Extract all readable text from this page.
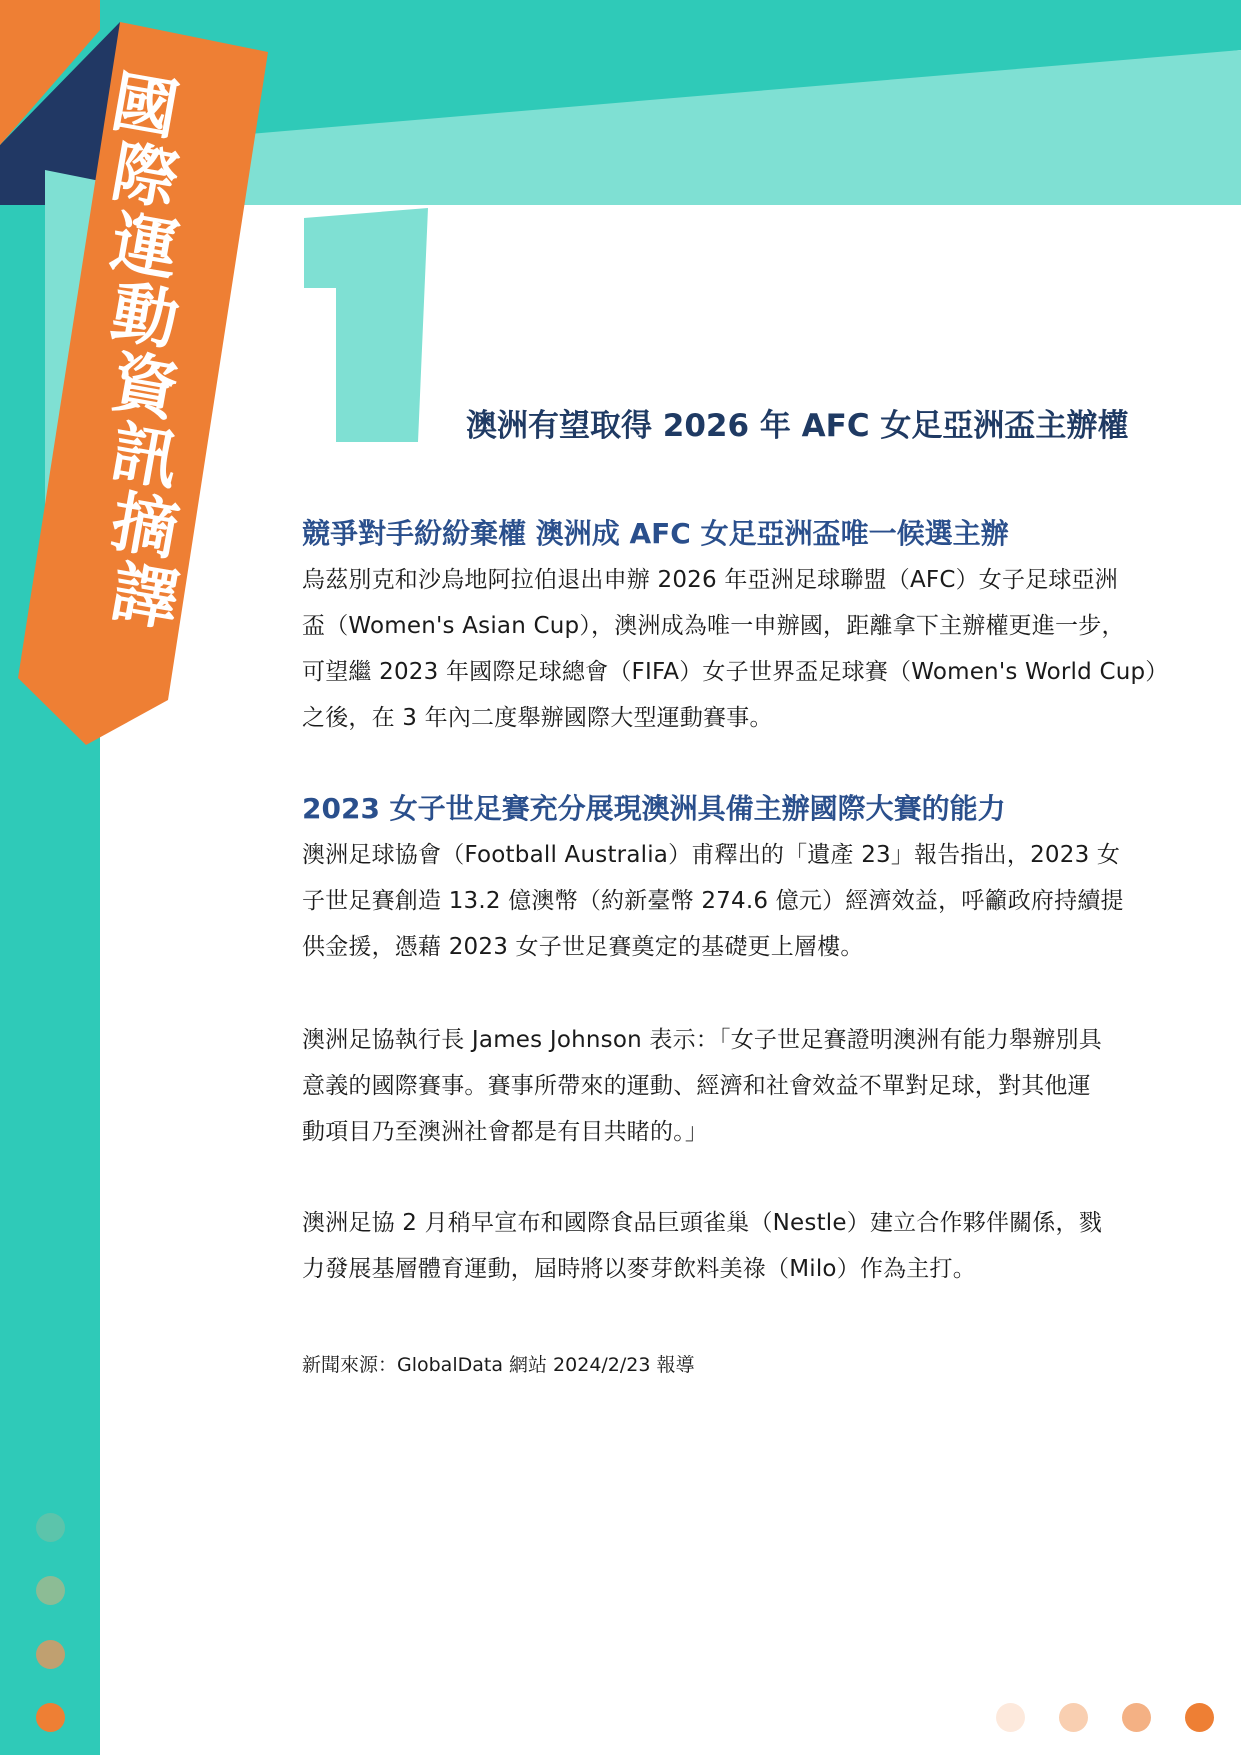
國
際
運
動
資
訊
摘
譯
澳洲有望取得 2026 年 AFC 女足亞洲盃主辦權
競爭對手紛紛棄權 澳洲成 AFC 女足亞洲盃唯一候選主辦
烏茲別克和沙烏地阿拉伯退出申辦 2026 年亞洲足球聯盟（AFC）女子足球亞洲
盃（Women's Asian Cup），澳洲成為唯一申辦國，距離拿下主辦權更進一步，
可望繼 2023 年國際足球總會（FIFA）女子世界盃足球賽（Women's World Cup）
之後，在 3 年內二度舉辦國際大型運動賽事。
2023 女子世足賽充分展現澳洲具備主辦國際大賽的能力
澳洲足球協會（Football Australia）甫釋出的「遺產 23」報告指出，2023 女
子世足賽創造 13.2 億澳幣（約新臺幣 274.6 億元）經濟效益，呼籲政府持續提
供金援，憑藉 2023 女子世足賽奠定的基礎更上層樓。
澳洲足協執行長 James Johnson 表示：「女子世足賽證明澳洲有能力舉辦別具
意義的國際賽事。賽事所帶來的運動、經濟和社會效益不單對足球，對其他運
動項目乃至澳洲社會都是有目共睹的。」
澳洲足協 2 月稍早宣布和國際食品巨頭雀巢（Nestle）建立合作夥伴關係，戮
力發展基層體育運動，屆時將以麥芽飲料美祿（Milo）作為主打。

新聞來源：GlobalData 網站 2024/2/23 報導
